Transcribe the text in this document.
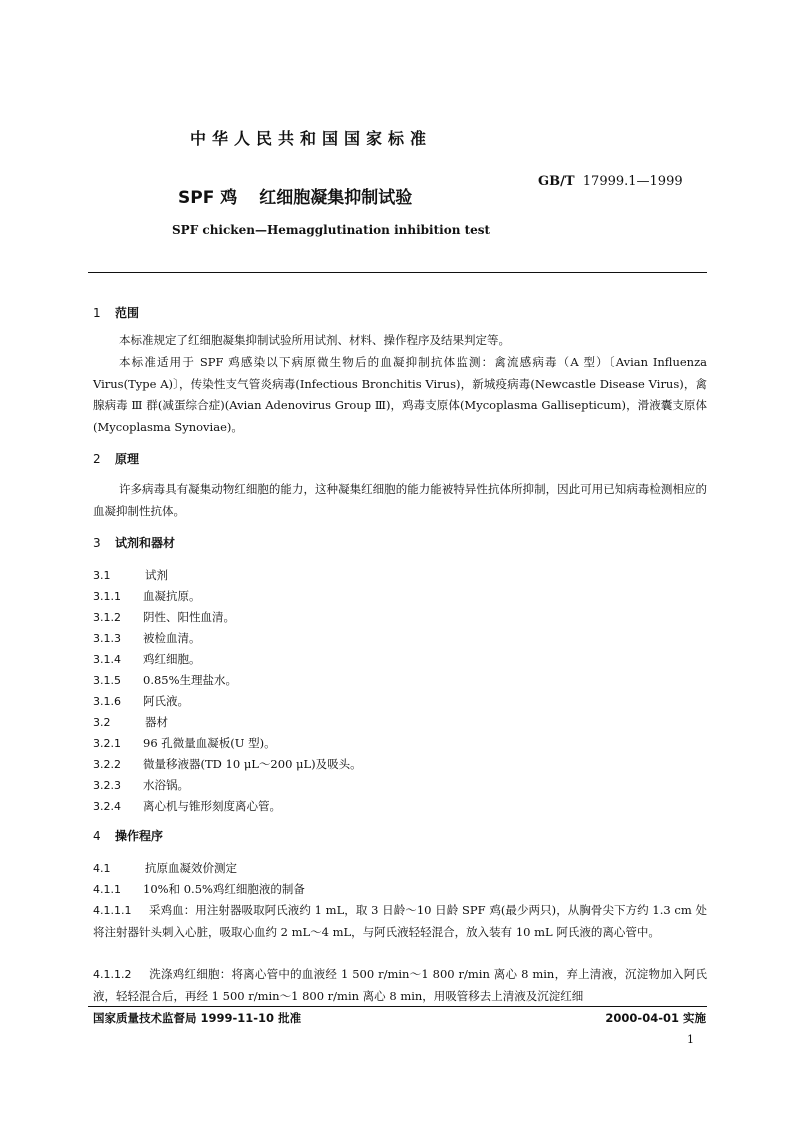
中华人民共和国国家标准
SPF 鸡 红细胞凝集抑制试验
GB/T 17999.1—1999
SPF chicken—Hemagglutination inhibition test
1 范围
本标准规定了红细胞凝集抑制试验所用试剂、材料、操作程序及结果判定等。
本标准适用于 SPF 鸡感染以下病原微生物后的血凝抑制抗体监测：禽流感病毒（A 型）〔Avian Influenza Virus(Type A)〕，传染性支气管炎病毒(Infectious Bronchitis Virus)，新城疫病毒(Newcastle Disease Virus)，禽腺病毒 Ⅲ 群(减蛋综合症)(Avian Adenovirus Group Ⅲ)，鸡毒支原体(Mycoplasma Gallisepticum)，滑液囊支原体(Mycoplasma Synoviae)。
2 原理
许多病毒具有凝集动物红细胞的能力，这种凝集红细胞的能力能被特异性抗体所抑制，因此可用已知病毒检测相应的血凝抑制性抗体。
3 试剂和器材
3.1	试剂
3.1.1 血凝抗原。
3.1.2 阴性、阳性血清。
3.1.3 被检血清。
3.1.4 鸡红细胞。
3.1.5 0.85%生理盐水。
3.1.6 阿氏液。
3.2	器材
3.2.1 96 孔微量血凝板(U 型)。
3.2.2 微量移液器(TD 10 μL～200 μL)及吸头。
3.2.3 水浴锅。
3.2.4 离心机与锥形刻度离心管。
4 操作程序
4.1	抗原血凝效价测定
4.1.1 10%和 0.5%鸡红细胞液的制备
4.1.1.1 采鸡血：用注射器吸取阿氏液约 1 mL，取 3 日龄～10 日龄 SPF 鸡(最少两只)，从胸骨尖下方约 1.3 cm 处将注射器针头刺入心脏，吸取心血约 2 mL～4 mL，与阿氏液轻轻混合，放入装有 10 mL 阿氏液的离心管中。
4.1.1.2 洗涤鸡红细胞：将离心管中的血液经 1 500 r/min～1 800 r/min 离心 8 min，弃上清液，沉淀物加入阿氏液，轻轻混合后，再经 1 500 r/min～1 800 r/min 离心 8 min，用吸管移去上清液及沉淀红细
国家质量技术监督局 1999-11-10 批准	2000-04-01 实施
1
